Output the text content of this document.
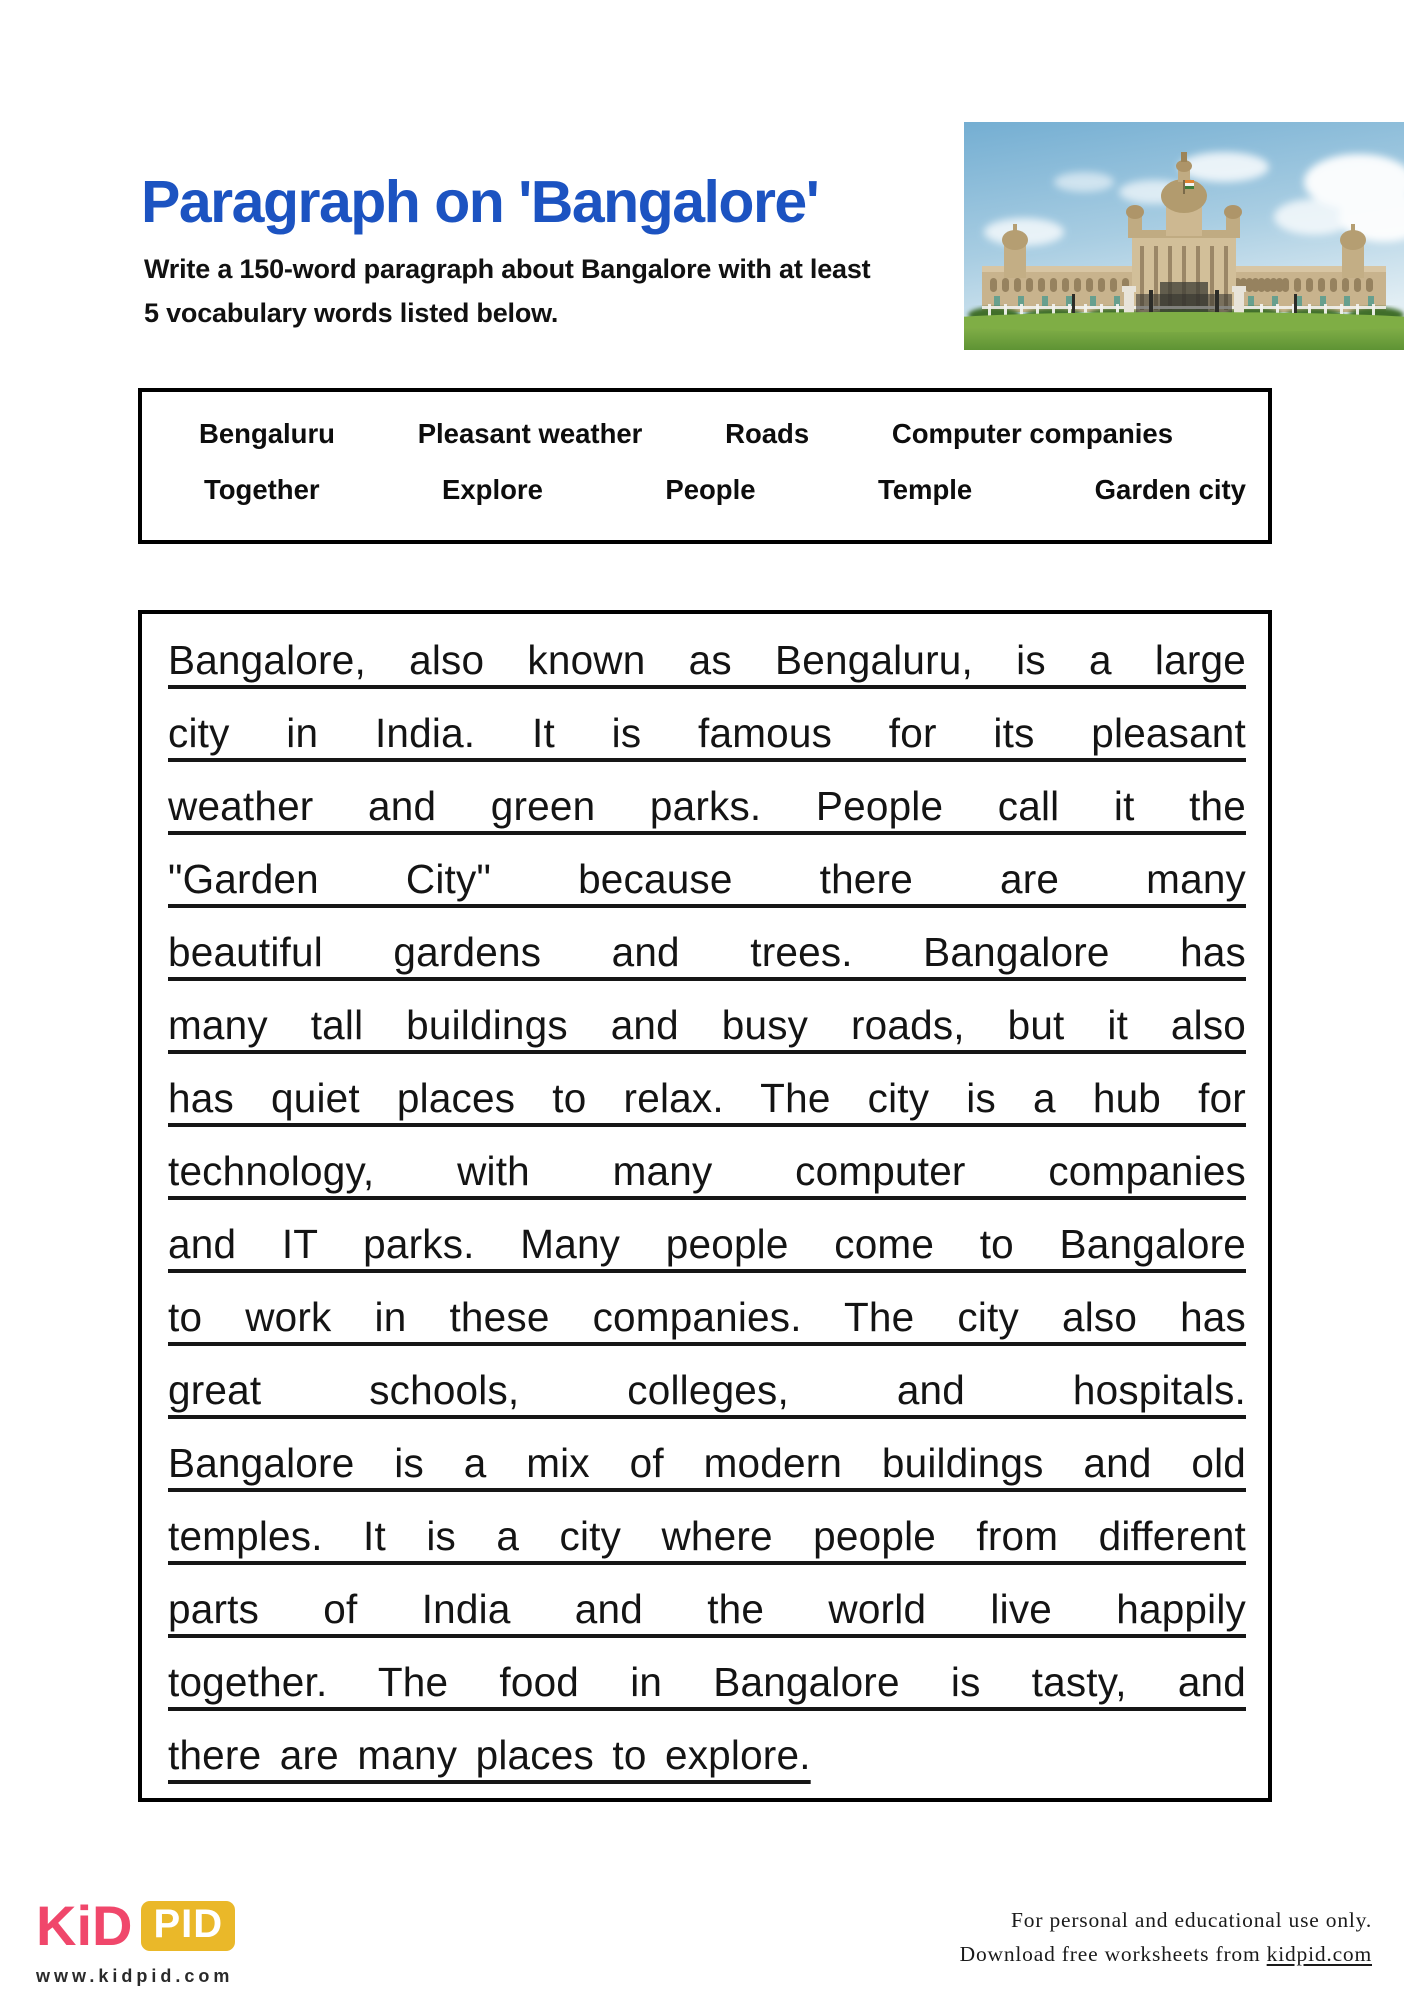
Paragraph on 'Bangalore'
Write a 150-word paragraph about Bangalore with at least
5 vocabulary words listed below.
Bengaluru	Pleasant weather	Roads	Computer companies
Together	Explore	People	Temple	Garden city
Bangalore, also known as Bengaluru, is a large
city in India. It is famous for its pleasant
weather and green parks. People call it the
"Garden City" because there are many
beautiful gardens and trees. Bangalore has
many tall buildings and busy roads, but it also
has quiet places to relax. The city is a hub for
technology, with many computer companies
and IT parks. Many people come to Bangalore
to work in these companies. The city also has
great schools, colleges, and hospitals.
Bangalore is a mix of modern buildings and old
temples. It is a city where people from different
parts of India and the world live happily
together. The food in Bangalore is tasty, and
there are many places to explore.
KiD PID
www.kidpid.com
For personal and educational use only.
Download free worksheets from kidpid.com
